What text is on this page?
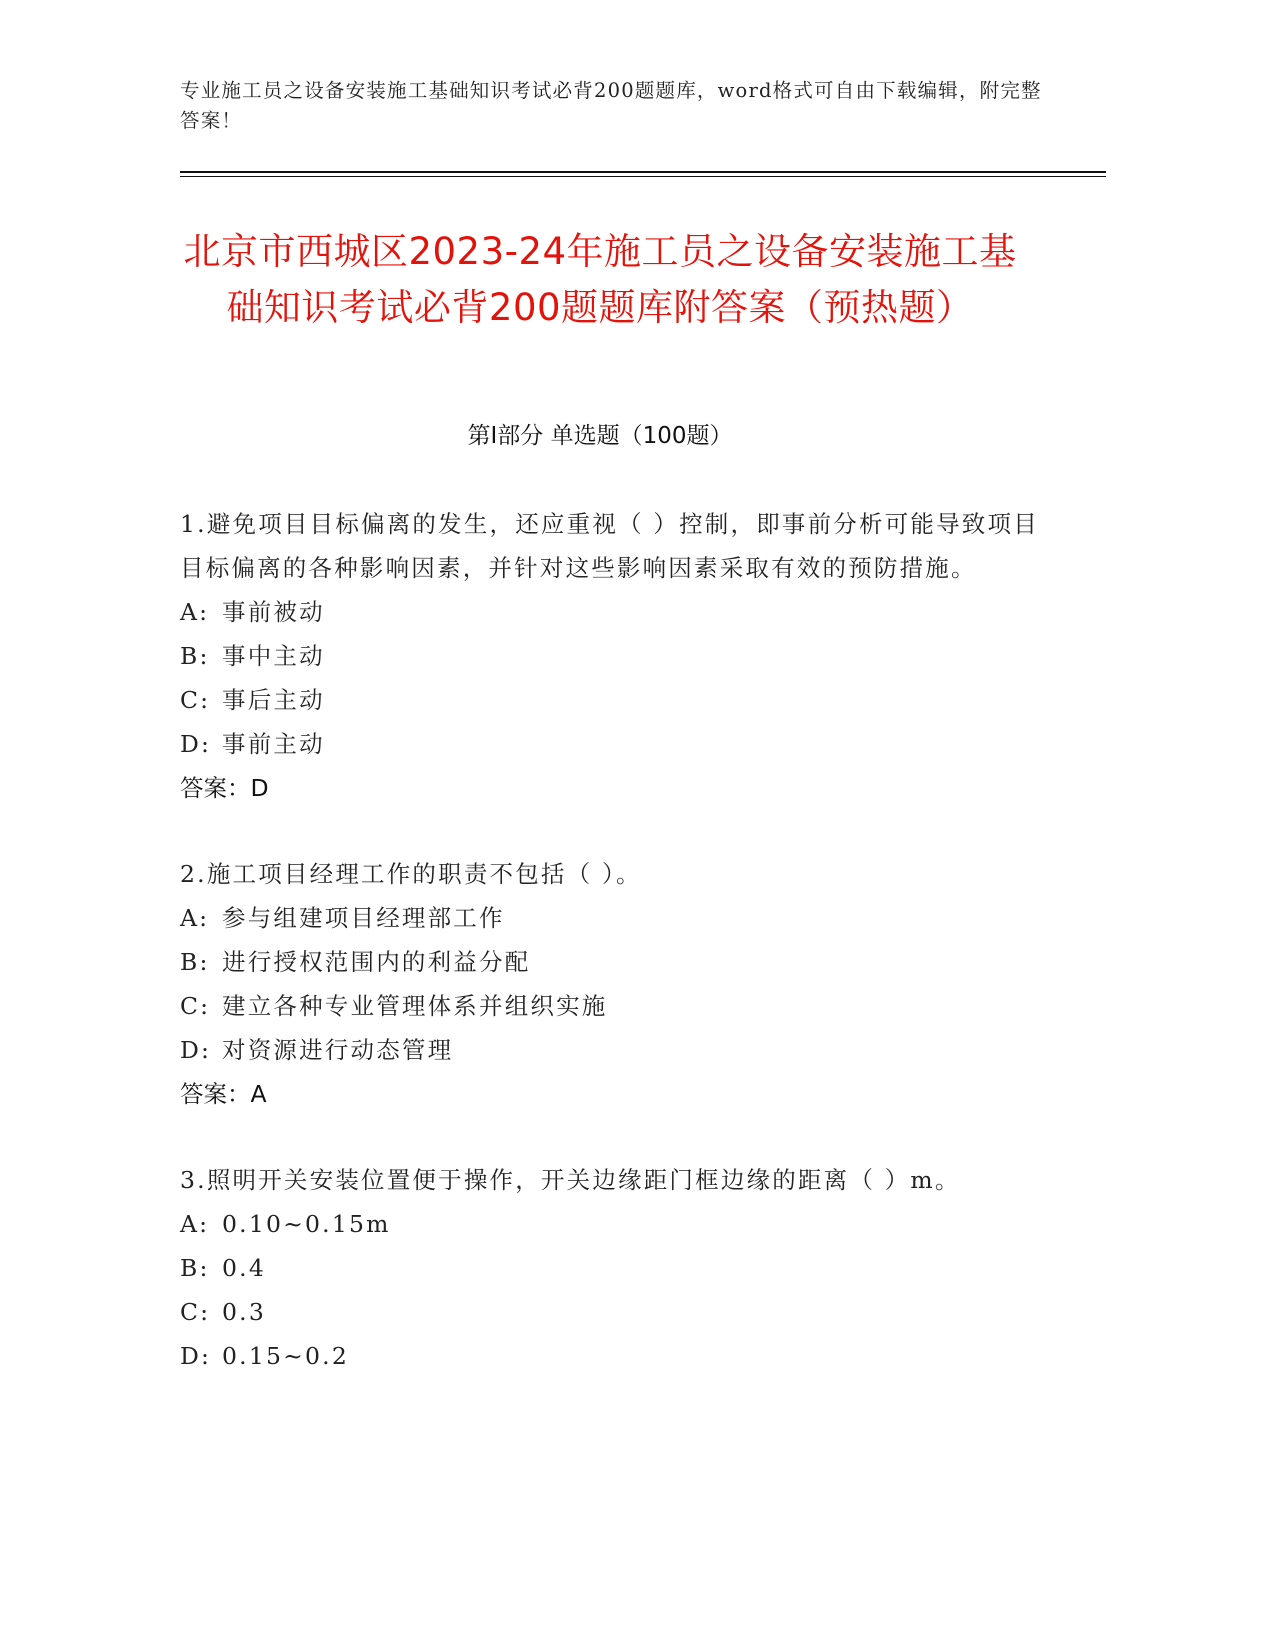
专业施工员之设备安装施工基础知识考试必背200题题库，word格式可自由下载编辑，附完整答案！
北京市西城区2023-24年施工员之设备安装施工基础知识考试必背200题题库附答案（预热题）
第I部分 单选题（100题）
1.避免项目目标偏离的发生，还应重视（ ）控制，即事前分析可能导致项目目标偏离的各种影响因素，并针对这些影响因素采取有效的预防措施。
A: 事前被动
B: 事中主动
C: 事后主动
D: 事前主动
答案：D
2.施工项目经理工作的职责不包括（ ）。
A: 参与组建项目经理部工作
B: 进行授权范围内的利益分配
C: 建立各种专业管理体系并组织实施
D: 对资源进行动态管理
答案：A
3.照明开关安装位置便于操作，开关边缘距门框边缘的距离（ ）m。
A: 0.10~0.15m
B: 0.4
C: 0.3
D: 0.15~0.2
